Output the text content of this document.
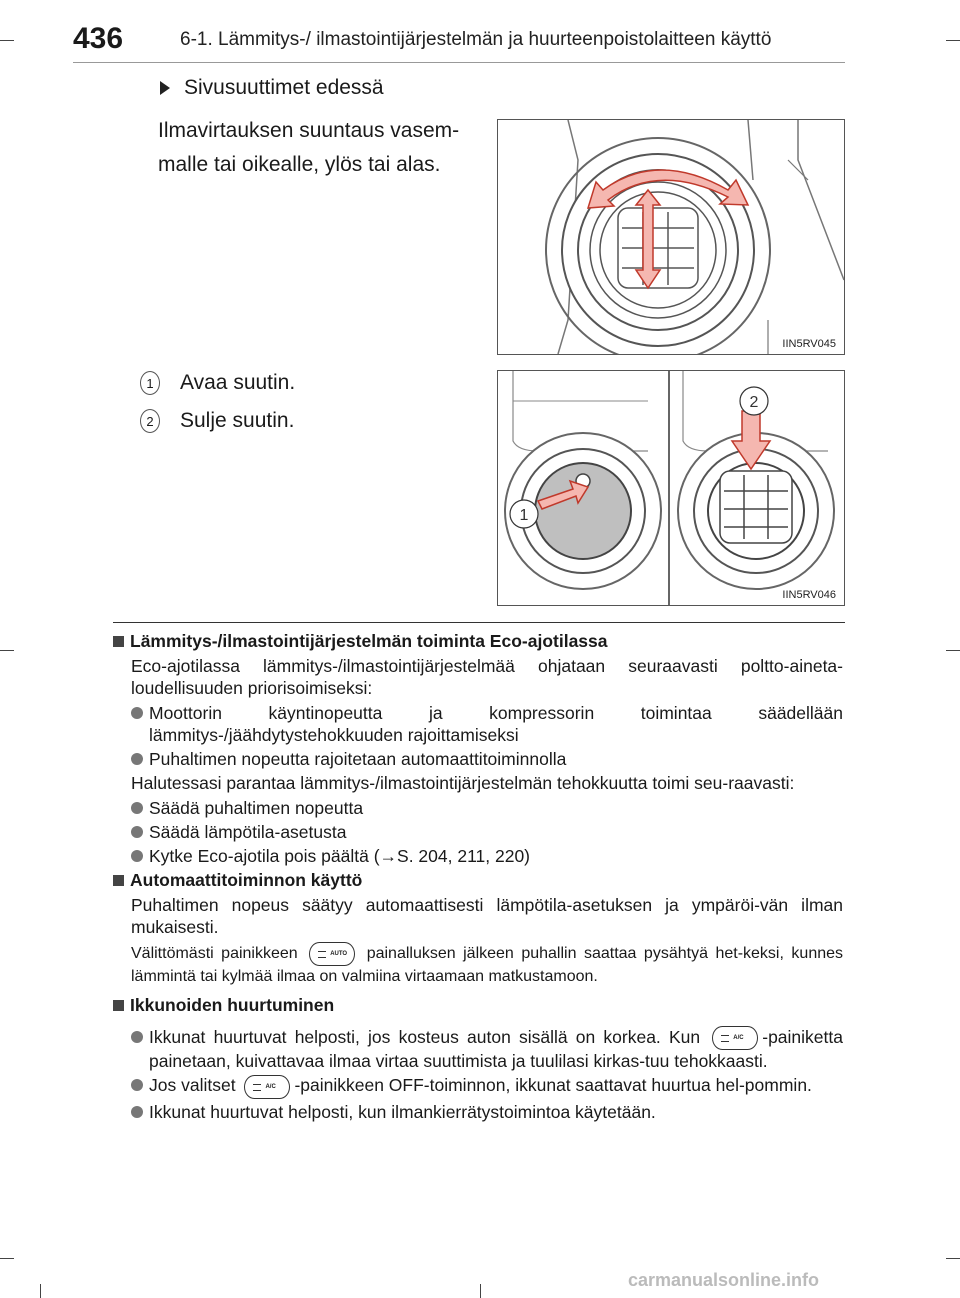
436	6-1. Lämmitys-/ ilmastointijärjestelmän ja huurteenpoistolaitteen käyttö
Sivusuuttimet edessä
Ilmavirtauksen suuntaus vasem-malle tai oikealle, ylös tai alas.
IIN5RV045
1	Avaa suutin.
2	Sulje suutin.
1
2
IIN5RV046
Lämmitys-/ilmastointijärjestelmän toiminta Eco-ajotilassa
Eco-ajotilassa lämmitys-/ilmastointijärjestelmää ohjataan seuraavasti poltto-ainetaloudellisuuden priorisoimiseksi:
Moottorin käyntinopeutta ja kompressorin toimintaa säädellään lämmitys-/jäähdytystehokkuuden rajoittamiseksi
Puhaltimen nopeutta rajoitetaan automaattitoiminnolla
Halutessasi parantaa lämmitys-/ilmastointijärjestelmän tehokkuutta toimi seu-raavasti:
Säädä puhaltimen nopeutta
Säädä lämpötila-asetusta
Kytke Eco-ajotila pois päältä (→S. 204, 211, 220)
Automaattitoiminnon käyttö
Puhaltimen nopeus säätyy automaattisesti lämpötila-asetuksen ja ympäröi-vän ilman mukaisesti.
Välittömästi painikkeen	AUTO painalluksen jälkeen puhallin saattaa pysähtyä het-keksi, kunnes lämmintä tai kylmää ilmaa on valmiina virtaamaan matkustamoon.
Ikkunoiden huurtuminen
Ikkunat huurtuvat helposti, jos kosteus auton sisällä on korkea. Kun	A/C -painiketta painetaan, kuivattavaa ilmaa virtaa suuttimista ja tuulilasi kirkas-tuu tehokkaasti.
Jos valitset	A/C -painikkeen OFF-toiminnon, ikkunat saattavat huurtua hel-pommin.
Ikkunat huurtuvat helposti, kun ilmankierrätystoimintoa käytetään.
carmanualsonline.info
